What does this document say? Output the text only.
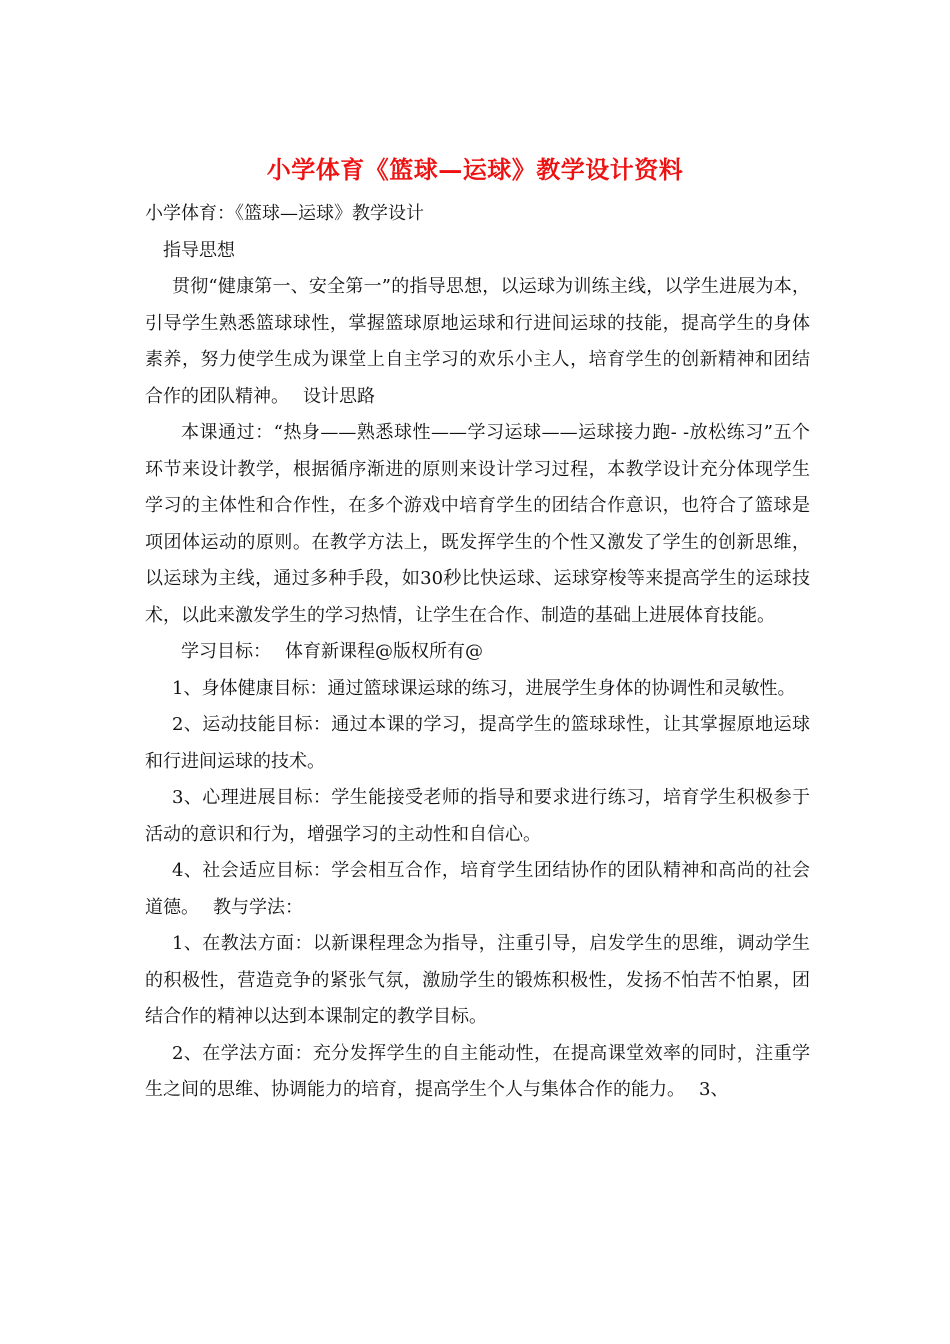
小学体育《篮球—运球》教学设计资料

小学体育：《篮球—运球》教学设计

指导思想

贯彻“健康第一、安全第一”的指导思想，以运球为训练主线，以学生进展为本，引导学生熟悉篮球球性，掌握篮球原地运球和行进间运球的技能，提高学生的身体素养，努力使学生成为课堂上自主学习的欢乐小主人，培育学生的创新精神和团结合作的团队精神。 设计思路

本课通过：“热身——熟悉球性——学习运球——运球接力跑- -放松练习”五个环节来设计教学，根据循序渐进的原则来设计学习过程，本教学设计充分体现学生学习的主体性和合作性，在多个游戏中培育学生的团结合作意识，也符合了篮球是项团体运动的原则。在教学方法上，既发挥学生的个性又激发了学生的创新思维，以运球为主线，通过多种手段，如30秒比快运球、运球穿梭等来提高学生的运球技术，以此来激发学生的学习热情，让学生在合作、制造的基础上进展体育技能。

学习目标： 体育新课程@版权所有@

1、身体健康目标：通过篮球课运球的练习，进展学生身体的协调性和灵敏性。

2、运动技能目标：通过本课的学习，提高学生的篮球球性，让其掌握原地运球和行进间运球的技术。

3、心理进展目标：学生能接受老师的指导和要求进行练习，培育学生积极参于活动的意识和行为，增强学习的主动性和自信心。

4、社会适应目标：学会相互合作，培育学生团结协作的团队精神和高尚的社会道德。 教与学法：

1、在教法方面：以新课程理念为指导，注重引导，启发学生的思维，调动学生的积极性，营造竞争的紧张气氛，激励学生的锻炼积极性，发扬不怕苦不怕累，团结合作的精神以达到本课制定的教学目标。

2、在学法方面：充分发挥学生的自主能动性，在提高课堂效率的同时，注重学生之间的思维、协调能力的培育，提高学生个人与集体合作的能力。 3、
